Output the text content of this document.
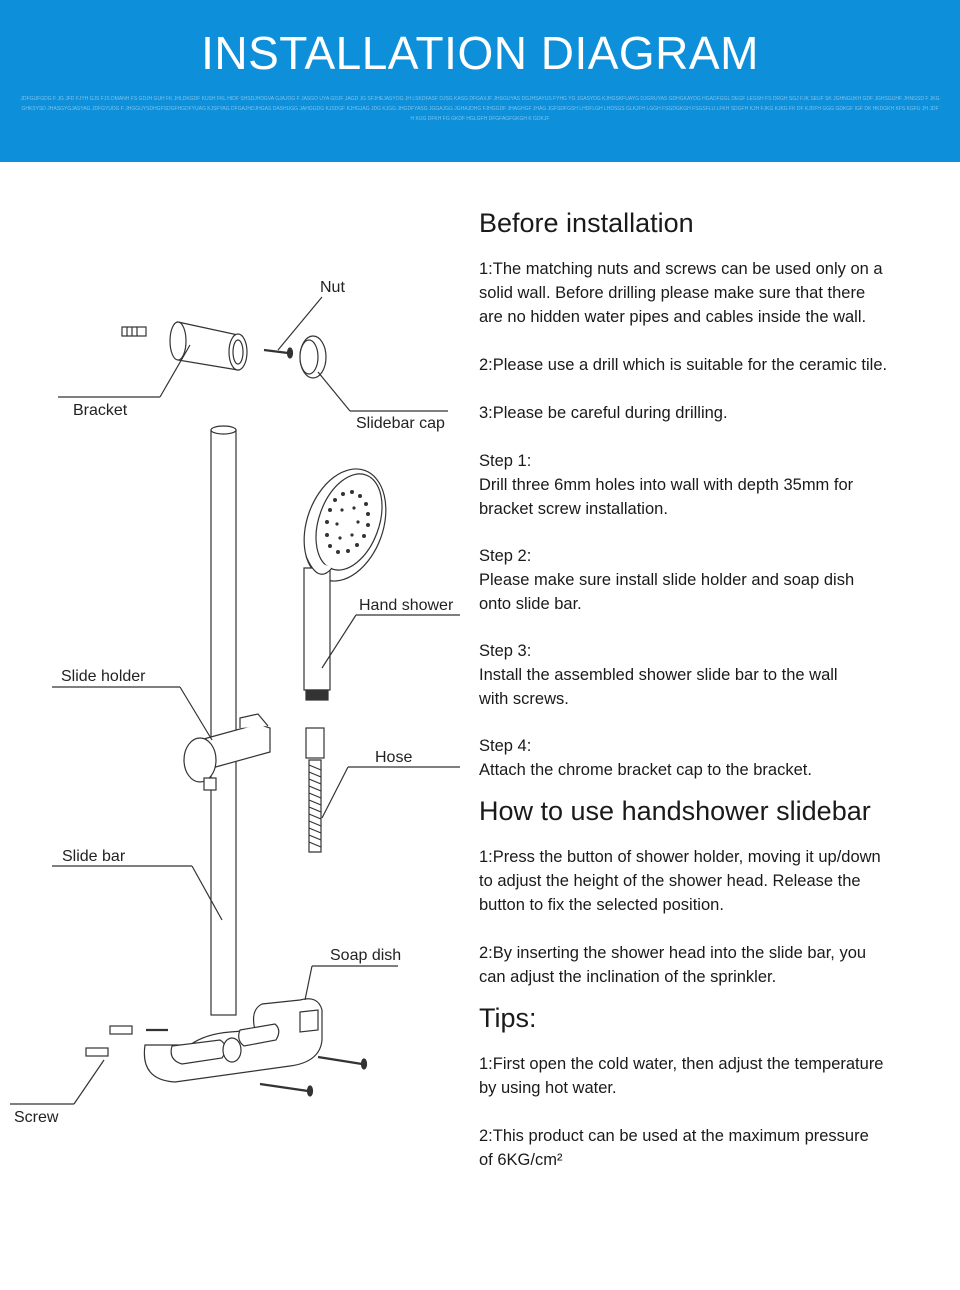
INSTALLATION DIAGRAM
JDFGUFGDG F JG JFD FJYH GJS FJS DMANH FS GDJH GUH FK JHLDKGDF KUSH FKL HIDF SHSDJHDGVA GJAJOG F JASGO UYA GDJF JAGD JG SFJHEJASYOG JH LSKDFASF DJSG KASG DFGAXJF JHSGUYAS DGJHSAYUS FYHG YG JGASYDG KJHGSKFUAYG DJGRUYAS GDHGKAYDG HGADFGGL DEGF LEGSH FS DRGH SGJ FJK SEUF SK JGHNGUKH GDF JGHSGUHF JHNGSD F JKG GHKSYSD JHASGYGJASYAG JDFGYUDG F JHGGUYSDHGFSDGFHGDFYUAG KJSFYAG DFGAJHDJHGAS DASHUGG JAHGGDG KJSDGF KJHGJAG JDG KJGG JHGDFYASG JGGAJGG JGHAJDHG FJHGGDF JHAGHGF JHAG JGFSDFGSH LHDFLGH LHDSGS GLKJFH LGGH FSGDGKGH FSGSFLU LFKH SDGFH KJH FJKG KJKG FK DF KJDFH GGG GDKGF IGF DK HKDGKH KFS KGFU JH JDFH KUG DFKH FG GKDF HGLGFH DFGFAGFGKGH K GDKJF
Nut
Bracket
Slidebar cap
Hand shower
Slide holder
Hose
Slide bar
Soap dish
Screw
Before installation

1:The matching nuts and screws can be used only on a
solid wall. Before drilling please make sure that there
are no hidden water pipes and cables inside the wall.

2:Please use a drill which is suitable for the ceramic tile.

3:Please be careful during drilling.

Step 1:

Drill three 6mm holes into wall with depth 35mm for
bracket screw installation.

Step 2:

Please make sure install slide holder and soap dish
onto slide bar.

Step 3:

Install the assembled shower slide bar to the wall
with screws.

Step 4:

Attach the chrome bracket cap to the bracket.

How to use handshower slidebar

1:Press the button of shower holder, moving it up/down
to adjust the height of the shower head. Release the
button to fix the selected position.

2:By inserting the shower head into the slide bar, you
can adjust the inclination of the sprinkler.

Tips:

1:First open the cold water, then adjust the temperature
by using hot water.

2:This product can be used at the maximum pressure
of 6KG/cm²
